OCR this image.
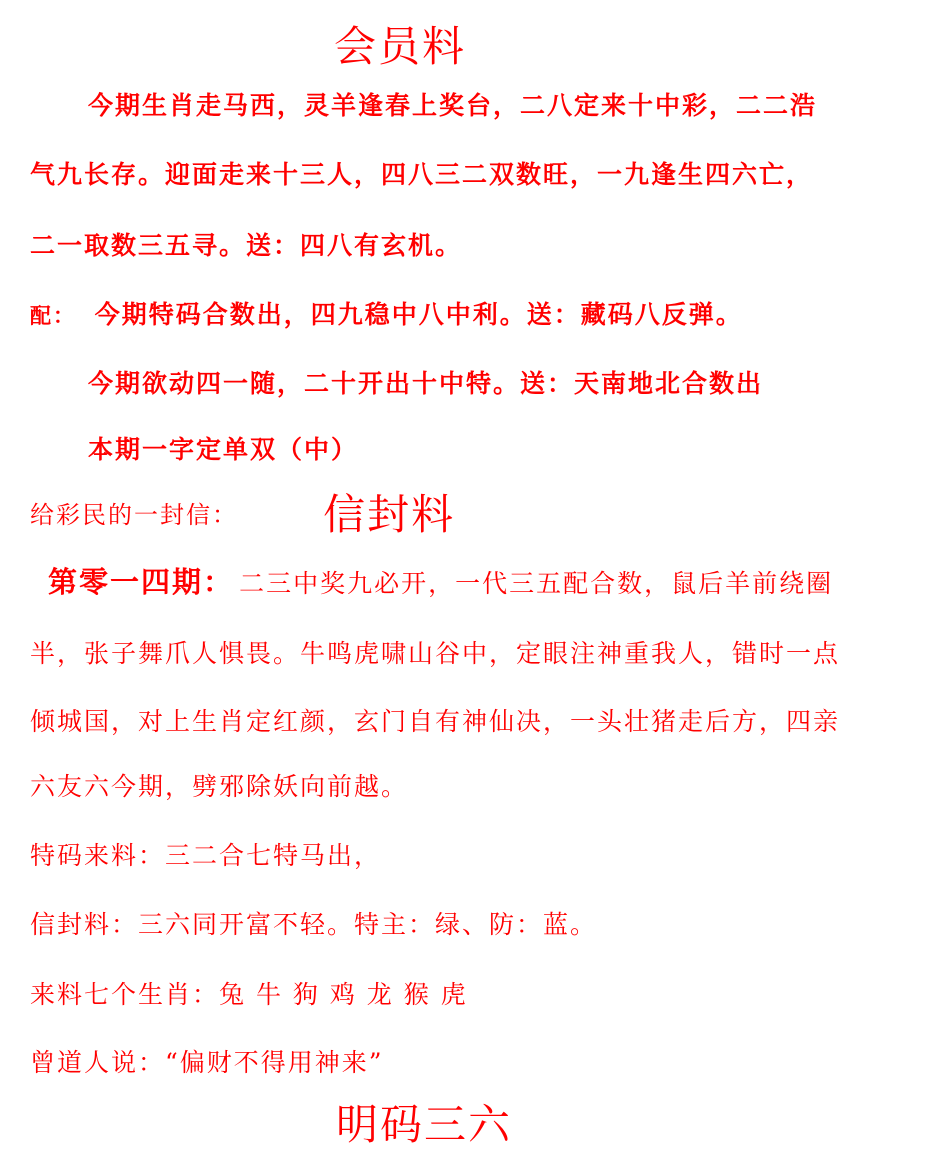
会员料
今期生肖走马西，灵羊逢春上奖台，二八定来十中彩，二二浩
气九长存。迎面走来十三人，四八三二双数旺，一九逢生四六亡，
二一取数三五寻。送：四八有玄机。
配： 今期特码合数出，四九稳中八中利。送：藏码八反弹。
今期欲动四一随，二十开出十中特。送：天南地北合数出
本期一字定单双（中）
给彩民的一封信： 信封料
第零一四期： 二三中奖九必开，一代三五配合数，鼠后羊前绕圈
半，张子舞爪人惧畏。牛鸣虎啸山谷中，定眼注神重我人，错时一点
倾城国，对上生肖定红颜，玄门自有神仙决，一头壮猪走后方，四亲
六友六今期，劈邪除妖向前越。
特码来料：三二合七特马出，
信封料：三六同开富不轻。特主：绿、防：蓝。
来料七个生肖：兔 牛 狗 鸡 龙 猴 虎
曾道人说：“偏财不得用神来”
明码三六
